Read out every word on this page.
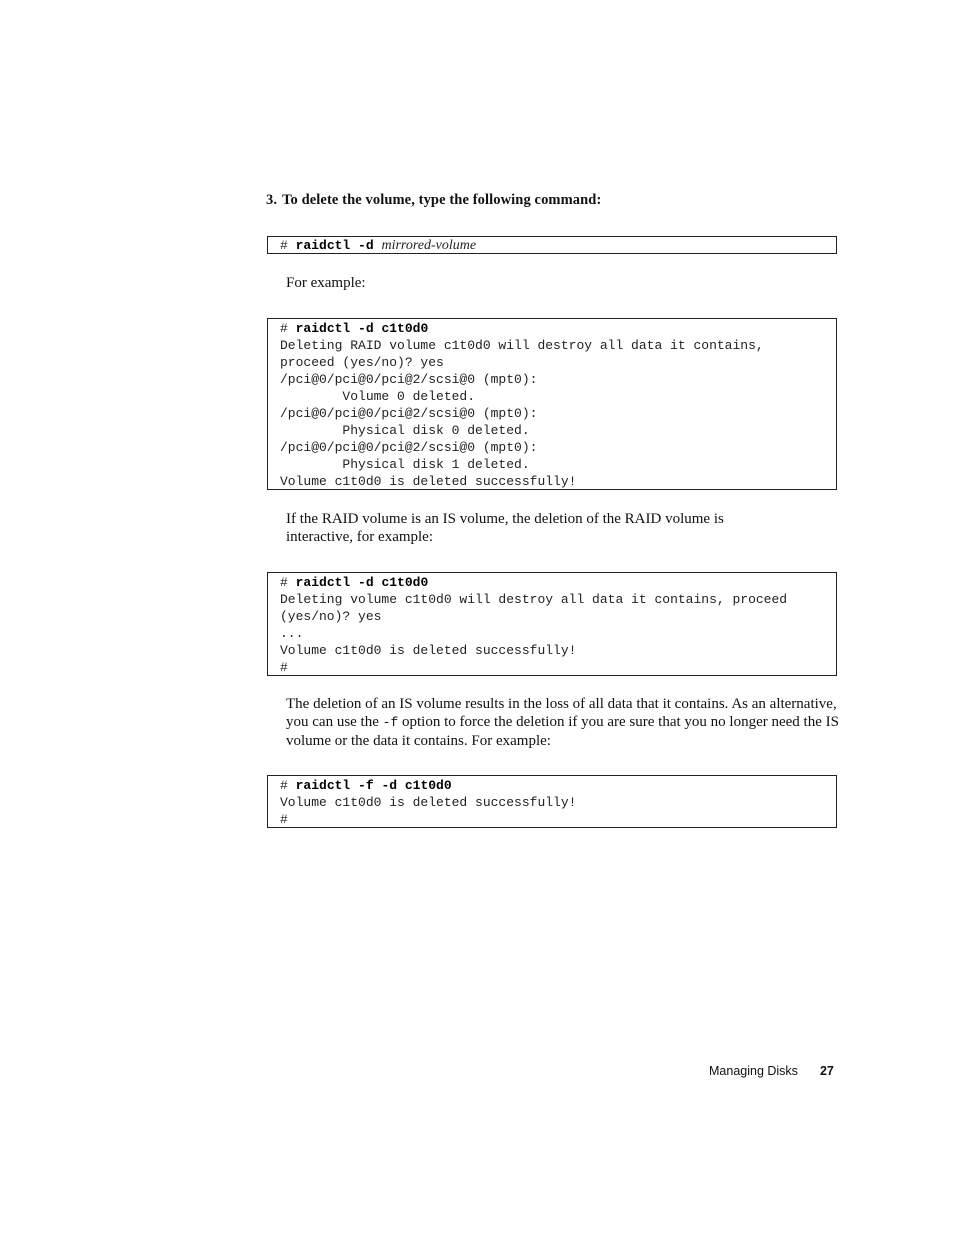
3. To delete the volume, type the following command:
# raidctl -d mirrored-volume
For example:
# raidctl -d c1t0d0
Deleting RAID volume c1t0d0 will destroy all data it contains,
proceed (yes/no)? yes
/pci@0/pci@0/pci@2/scsi@0 (mpt0):
Volume 0 deleted.
/pci@0/pci@0/pci@2/scsi@0 (mpt0):
Physical disk 0 deleted.
/pci@0/pci@0/pci@2/scsi@0 (mpt0):
Physical disk 1 deleted.
Volume c1t0d0 is deleted successfully!
If the RAID volume is an IS volume, the deletion of the RAID volume is interactive, for example:
# raidctl -d c1t0d0
Deleting volume c1t0d0 will destroy all data it contains, proceed
(yes/no)? yes
...
Volume c1t0d0 is deleted successfully!
#
The deletion of an IS volume results in the loss of all data that it contains. As an alternative, you can use the -f option to force the deletion if you are sure that you no longer need the IS volume or the data it contains. For example:
# raidctl -f -d c1t0d0
Volume c1t0d0 is deleted successfully!
#
Managing Disks 27
